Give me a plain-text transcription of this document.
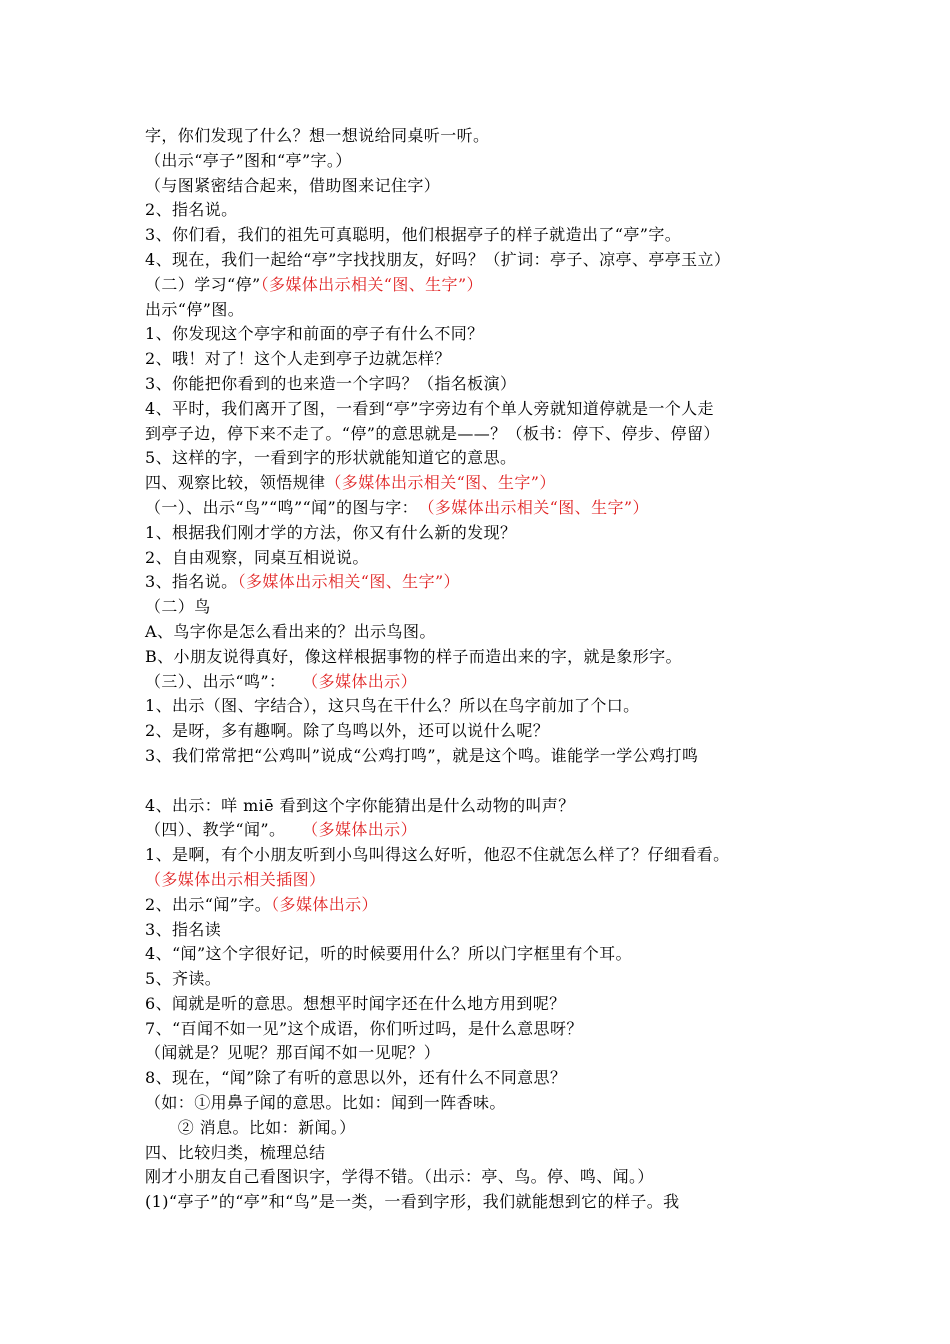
字，你们发现了什么？想一想说给同桌听一听。
（出示“亭子”图和“亭”字。）
（与图紧密结合起来，借助图来记住字）
2、指名说。
3、你们看，我们的祖先可真聪明，他们根据亭子的样子就造出了“亭”字。
4、现在，我们一起给“亭”字找找朋友，好吗？（扩词：亭子、凉亭、亭亭玉立）
（二）学习“停”（多媒体出示相关“图、生字”）
出示“停”图。
1、你发现这个亭字和前面的亭子有什么不同？
2、哦！对了！这个人走到亭子边就怎样？
3、你能把你看到的也来造一个字吗？（指名板演）
4、平时，我们离开了图，一看到“亭”字旁边有个单人旁就知道停就是一个人走
到亭子边，停下来不走了。“停”的意思就是——？（板书：停下、停步、停留）
5、这样的字，一看到字的形状就能知道它的意思。
四、观察比较，领悟规律（多媒体出示相关“图、生字”）
（一）、出示“鸟”“鸣”“闻”的图与字：　（多媒体出示相关“图、生字”）
1、根据我们刚才学的方法，你又有什么新的发现？
2、自由观察，同桌互相说说。
3、指名说。（多媒体出示相关“图、生字”）
（二）鸟
A、鸟字你是怎么看出来的？出示鸟图。
B、小朋友说得真好，像这样根据事物的样子而造出来的字，就是象形字。
（三）、出示“鸣”：　　（多媒体出示）
1、出示（图、字结合），这只鸟在干什么？所以在鸟字前加了个口。
2、是呀，多有趣啊。除了鸟鸣以外，还可以说什么呢？
3、我们常常把“公鸡叫”说成“公鸡打鸣”，就是这个鸣。谁能学一学公鸡打鸣
4、出示：咩 miē 看到这个字你能猜出是什么动物的叫声？
（四）、教学“闻”。　　（多媒体出示）
1、是啊，有个小朋友听到小鸟叫得这么好听，他忍不住就怎么样了？仔细看看。
（多媒体出示相关插图）
2、出示“闻”字。（多媒体出示）
3、指名读
4、“闻”这个字很好记，听的时候要用什么？所以门字框里有个耳。
5、齐读。
6、闻就是听的意思。想想平时闻字还在什么地方用到呢？
7、“百闻不如一见”这个成语，你们听过吗，是什么意思呀？
（闻就是？见呢？那百闻不如一见呢？）
8、现在，“闻”除了有听的意思以外，还有什么不同意思？
（如：①用鼻子闻的意思。比如：闻到一阵香味。
　　② 消息。比如：新闻。）
四、比较归类，梳理总结
刚才小朋友自己看图识字，学得不错。（出示：亭、鸟。停、鸣、闻。）
(1)“亭子”的“亭”和“鸟”是一类，一看到字形，我们就能想到它的样子。我
